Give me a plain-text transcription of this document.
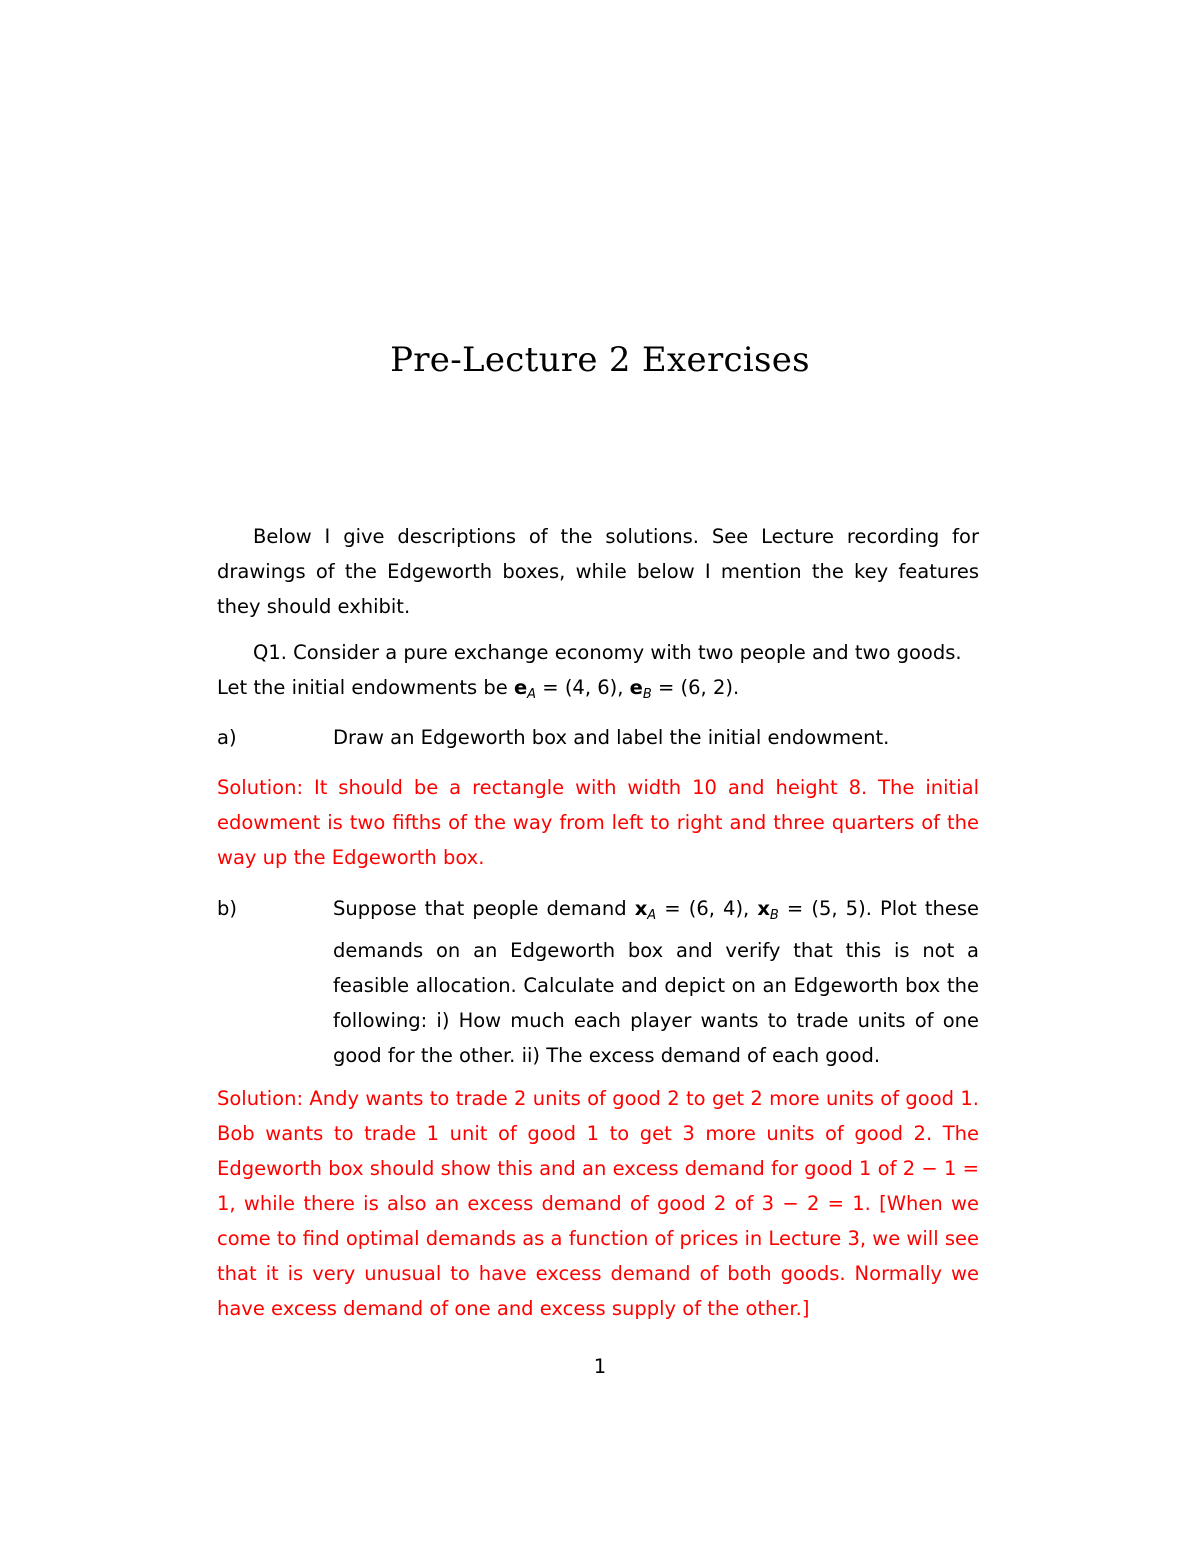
Pre-Lecture 2 Exercises

Below I give descriptions of the solutions. See Lecture recording for drawings of the Edgeworth boxes, while below I mention the key features they should exhibit.

Q1. Consider a pure exchange economy with two people and two goods.
Let the initial endowments be $e_A = (4$, 6), $e_B = (6$, 2).
a)	Draw an Edgeworth box and label the initial endowment.

Solution: It should be a rectangle with width 10 and height 8. The initial edowment is two fifths of the way from left to right and three quarters of the way up the Edgeworth box.

b)	Suppose that people demand $x_A = (6$, 4), $x_B = (5$, 5). Plot these demands on an Edgeworth box and verify that this is not a feasible allocation. Calculate and depict on an Edgeworth box the following: i) How much each player wants to trade units of one good for the other. ii) The excess demand of each good.

Solution: Andy wants to trade 2 units of good 2 to get 2 more units of good 1. Bob wants to trade 1 unit of good 1 to get 3 more units of good 2. The Edgeworth box should show this and an excess demand for good 1 of 2 − 1 = 1, while there is also an excess demand of good 2 of 3 − 2 = 1. [When we come to find optimal demands as a function of prices in Lecture 3, we will see that it is very unusual to have excess demand of both goods. Normally we have excess demand of one and excess supply of the other.]

1
